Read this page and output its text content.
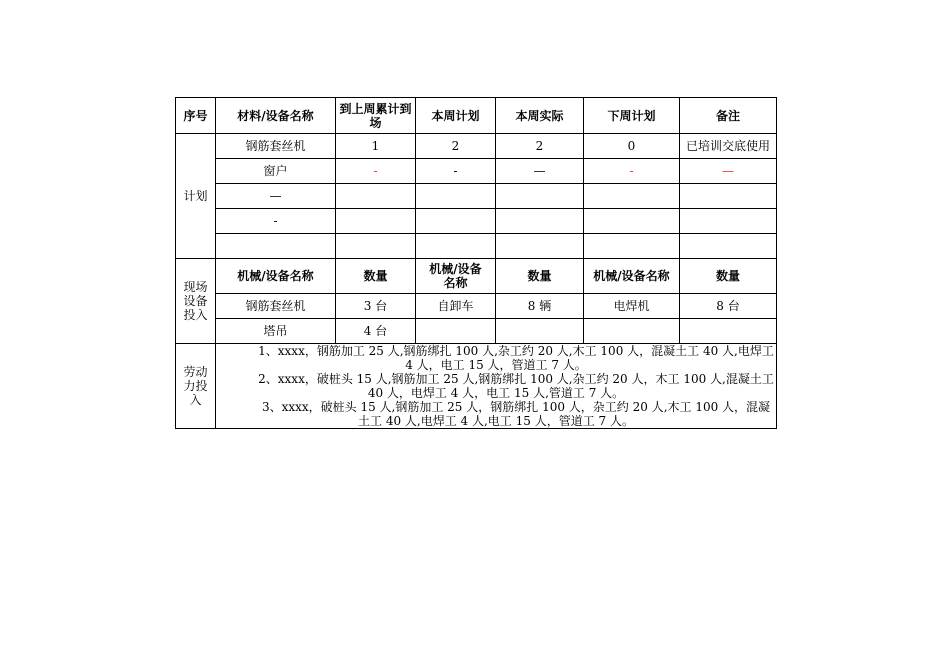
序号	材料/设备名称	到上周累计到场	本周计划	本周实际	下周计划	备注
计划	钢筋套丝机	1	2	2	0	已培训交底使用
	窗户	-	-	—	-	—
	—					
	-					

现场设备投入	机械/设备名称	数量	机械/设备名称	数量	机械/设备名称	数量
	钢筋套丝机	3 台	自卸车	8 辆	电焊机	8 台
	塔吊	4 台				
劳动力投入	1、xxxx，钢筋加工 25 人,钢筋绑扎 100 人,杂工约 20 人,木工 100 人，混凝土工 40 人,电焊工 4 人，电工 15 人，管道工 7 人。

2、xxxx，破桩头 15 人,钢筋加工 25 人,钢筋绑扎 100 人,杂工约 20 人，木工 100 人,混凝土工 40 人，电焊工 4 人，电工 15 人,管道工 7 人。

3、xxxx，破桩头 15 人,钢筋加工 25 人，钢筋绑扎 100 人，杂工约 20 人,木工 100 人，混凝土工 40 人,电焊工 4 人,电工 15 人，管道工 7 人。					
